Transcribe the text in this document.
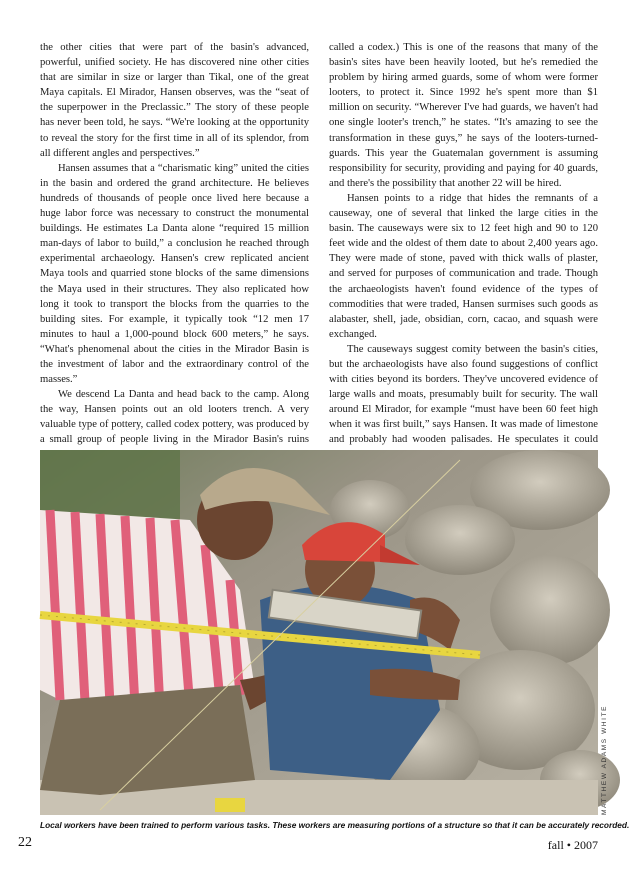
the other cities that were part of the basin's advanced, powerful, unified society. He has discovered nine other cities that are similar in size or larger than Tikal, one of the great Maya capitals. El Mirador, Hansen observes, was the “seat of the superpower in the Preclassic.” The story of these people has never been told, he says. “We're looking at the opportunity to reveal the story for the first time in all of its splendor, from all different angles and perspectives.”

Hansen assumes that a “charismatic king” united the cities in the basin and ordered the grand architecture. He believes hundreds of thousands of people once lived here because a huge labor force was necessary to construct the monumental buildings. He estimates La Danta alone “required 15 million man-days of labor to build,” a conclusion he reached through experimental archaeology. Hansen's crew replicated ancient Maya tools and quarried stone blocks of the same dimensions the Maya used in their structures. They also replicated how long it took to transport the blocks from the quarries to the building sites. For example, it typically took “12 men 17 minutes to haul a 1,000-pound block 600 meters,” he says. “What's phenomenal about the cities in the Mirador Basin is the investment of labor and the extraordinary control of the masses.”

We descend La Danta and head back to the camp. Along the way, Hansen points out an old looters trench. A very valuable type of pottery, called codex pottery, was produced by a small group of people living in the Mirador Basin's ruins

called a codex.) This is one of the reasons that many of the basin's sites have been heavily looted, but he's remedied the problem by hiring armed guards, some of whom were former looters, to protect it. Since 1992 he's spent more than $1 million on security. “Wherever I've had guards, we haven't had one single looter's trench,” he states. “It's amazing to see the transformation in these guys,” he says of the looters-turned-guards. This year the Guatemalan government is assuming responsibility for security, providing and paying for 40 guards, and there's the possibility that another 22 will be hired.

Hansen points to a ridge that hides the remnants of a causeway, one of several that linked the large cities in the basin. The causeways were six to 12 feet high and 90 to 120 feet wide and the oldest of them date to about 2,400 years ago. They were made of stone, paved with thick walls of plaster, and served for purposes of communication and trade. Though the archaeologists haven't found evidence of the types of commodities that were traded, Hansen surmises such goods as alabaster, shell, jade, obsidian, corn, cacao, and squash were exchanged.

The causeways suggest comity between the basin's cities, but the archaeologists have also found suggestions of conflict with cities beyond its borders. They've uncovered evidence of large walls and moats, presumably built for security. The wall around El Mirador, for example “must have been 60 feet high when it was first built,” says Hansen. It was made of limestone and probably had wooden palisades. He speculates it could

MATTHEW ADAMS WHITE
Local workers have been trained to perform various tasks. These workers are measuring portions of a structure so that it can be accurately recorded.
22	fall • 2007
